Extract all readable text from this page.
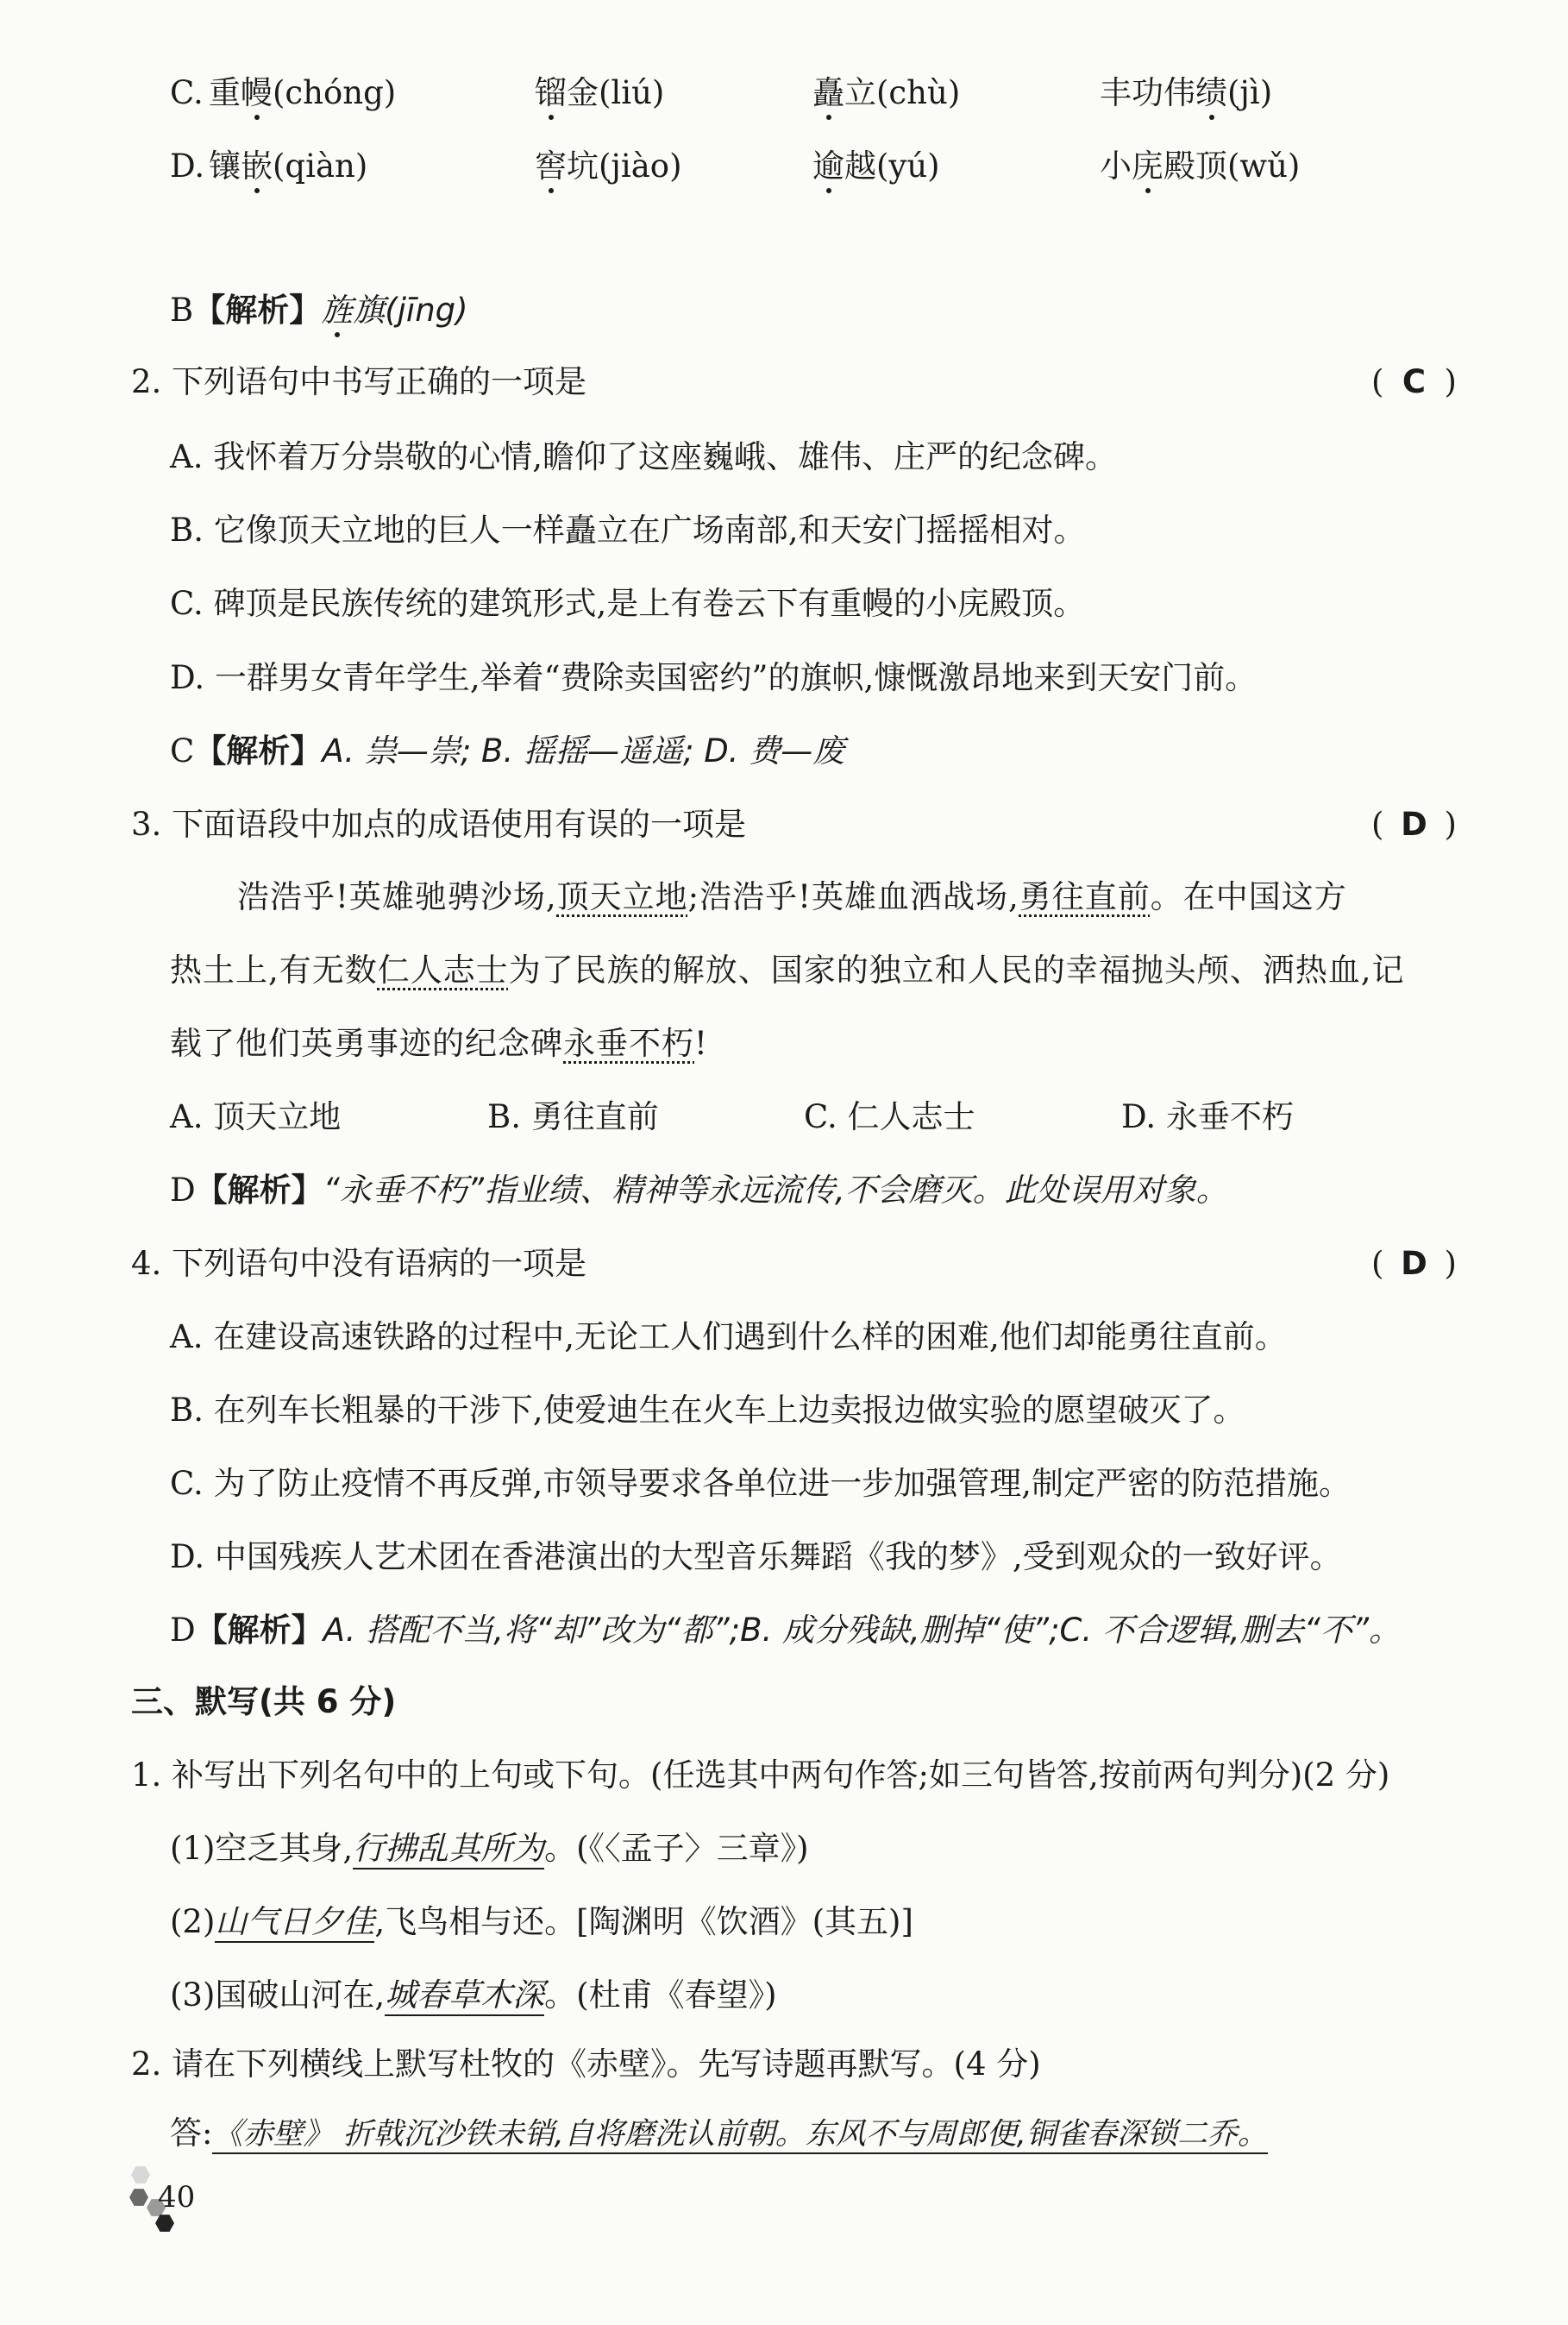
C. 重幔(chóng)	镏金(liú)	矗立(chù)	丰功伟绩(jì)
D. 镶嵌(qiàn)	窖坑(jiào)	逾越(yú)	小庑殿顶(wǔ)
B【解析】旌旗(jīng)
2. 下列语句中书写正确的一项是	( C )
A. 我怀着万分祟敬的心情,瞻仰了这座巍峨、雄伟、庄严的纪念碑。
B. 它像顶天立地的巨人一样矗立在广场南部,和天安门摇摇相对。
C. 碑顶是民族传统的建筑形式,是上有卷云下有重幔的小庑殿顶。
D. 一群男女青年学生,举着“费除卖国密约”的旗帜,慷慨激昂地来到天安门前。
C【解析】A. 祟—崇; B. 摇摇—遥遥; D. 费—废
3. 下面语段中加点的成语使用有误的一项是	( D )
浩浩乎!英雄驰骋沙场,顶天立地;浩浩乎!英雄血洒战场,勇往直前。在中国这方
热土上,有无数仁人志士为了民族的解放、国家的独立和人民的幸福抛头颅、洒热血,记
载了他们英勇事迹的纪念碑永垂不朽!
A. 顶天立地	B. 勇往直前	C. 仁人志士	D. 永垂不朽
D【解析】“永垂不朽”指业绩、精神等永远流传,不会磨灭。此处误用对象。
4. 下列语句中没有语病的一项是	( D )
A. 在建设高速铁路的过程中,无论工人们遇到什么样的困难,他们却能勇往直前。
B. 在列车长粗暴的干涉下,使爱迪生在火车上边卖报边做实验的愿望破灭了。
C. 为了防止疫情不再反弹,市领导要求各单位进一步加强管理,制定严密的防范措施。
D. 中国残疾人艺术团在香港演出的大型音乐舞蹈《我的梦》,受到观众的一致好评。
D【解析】A. 搭配不当,将“却”改为“都”;B. 成分残缺,删掉“使”;C. 不合逻辑,删去“不”。
三、默写(共 6 分)
1. 补写出下列名句中的上句或下句。(任选其中两句作答;如三句皆答,按前两句判分)(2 分)
(1)空乏其身,行拂乱其所为。(《〈孟子〉三章》)
(2)山气日夕佳,飞鸟相与还。[陶渊明《饮酒》(其五)]
(3)国破山河在,城春草木深。(杜甫《春望》)
2. 请在下列横线上默写杜牧的《赤壁》。先写诗题再默写。(4 分)
答:《赤壁》 折戟沉沙铁未销,自将磨洗认前朝。东风不与周郎便,铜雀春深锁二乔。
40
